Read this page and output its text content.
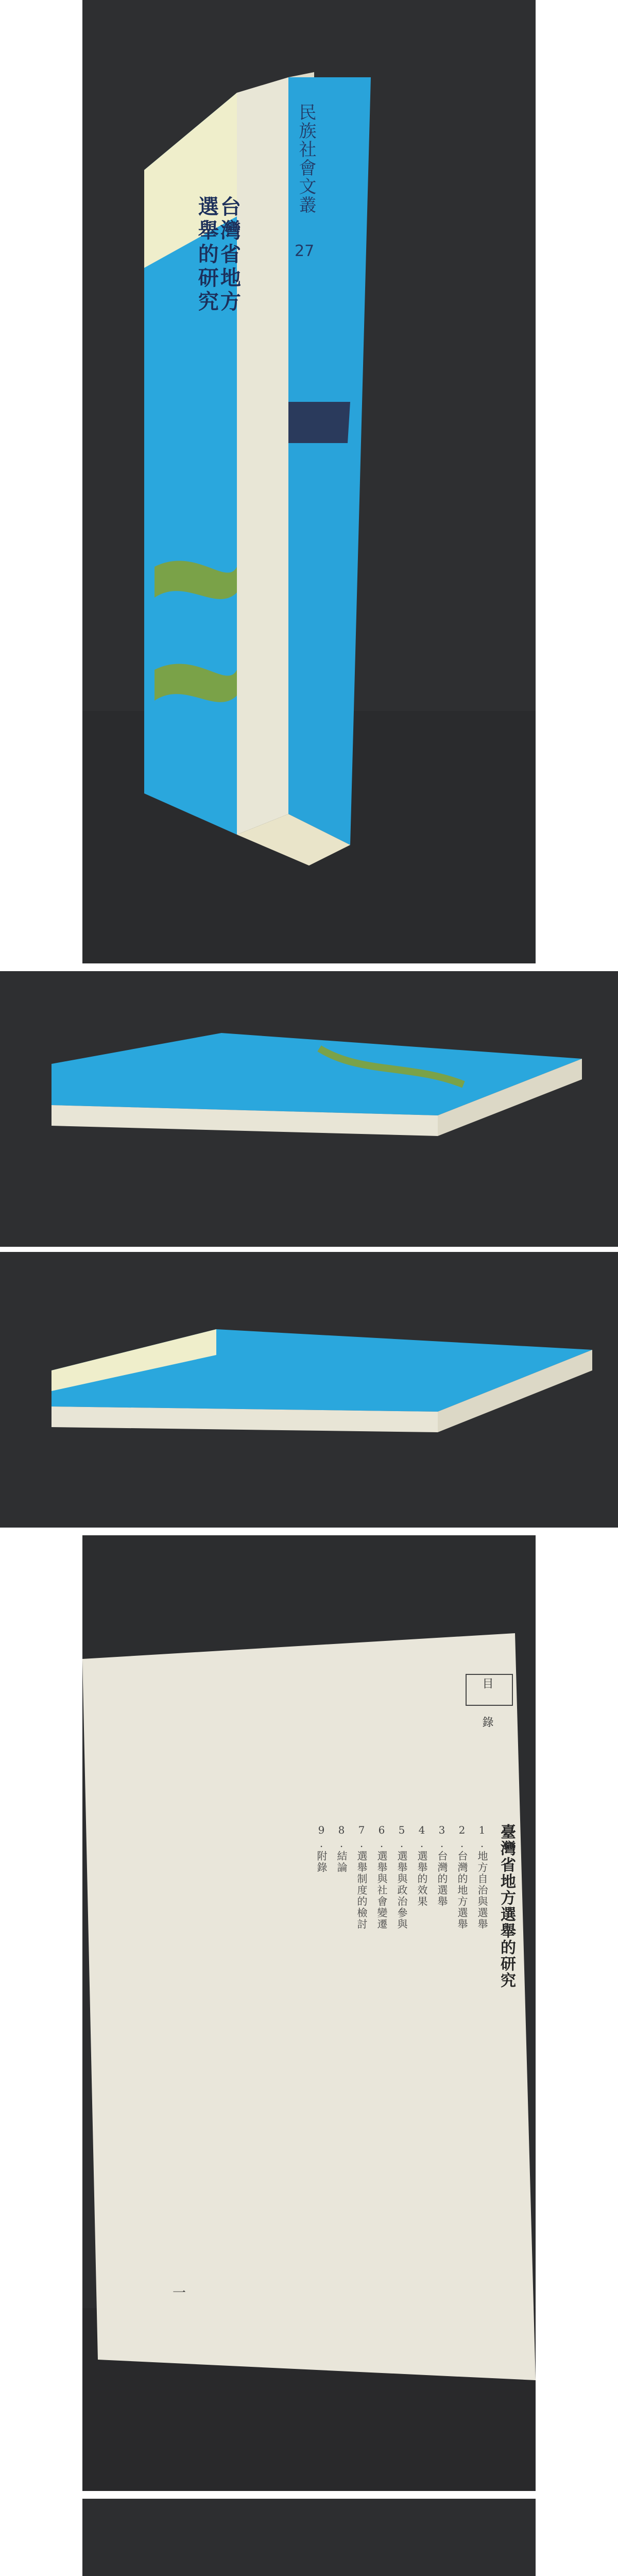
民族社會文叢
台灣省地方
選舉的研究	27
目 錄
臺灣省地方選舉的研究
1.地方自治與選舉
2.台灣的地方選舉
3.台灣的選舉
4.選舉的效果
5.選舉與政治參與
6.選舉與社會變遷
7.選舉制度的檢討
8.結論
9.附錄
一
